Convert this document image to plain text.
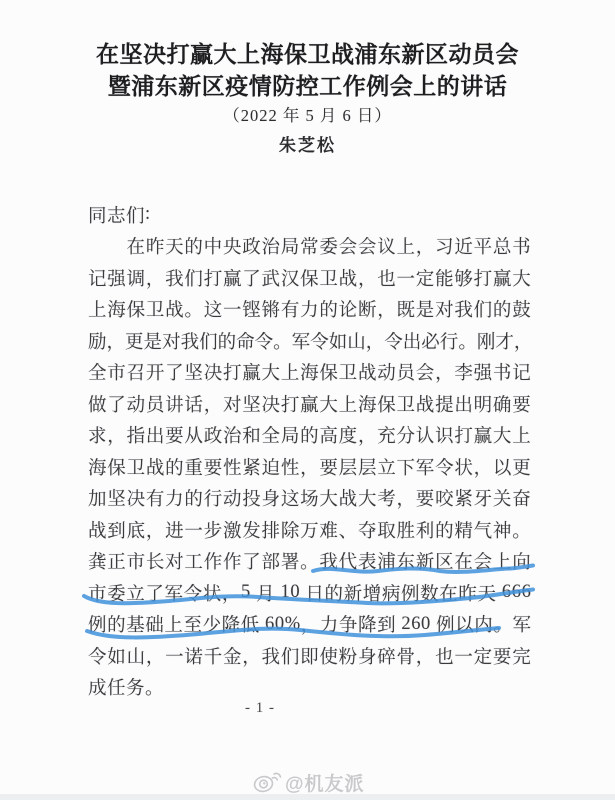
在坚决打赢大上海保卫战浦东新区动员会
暨浦东新区疫情防控工作例会上的讲话
（2022 年 5 月 6 日）
朱芝松
同 志 们 :
在 昨 天 的 中 央 政 治 局 常 委 会 会 议 上 ， 习 近 平 总 书
记 强 调 ， 我 们 打 赢 了 武 汉 保 卫 战 ， 也 一 定 能 够 打 赢 大
上 海 保 卫 战 。 这 一 铿 锵 有 力 的 论 断 ， 既 是 对 我 们 的 鼓
励 ， 更 是 对 我 们 的 命 令 。 军 令 如 山 ， 令 出 必 行 。 刚 才 ，
全 市 召 开 了 坚 决 打 赢 大 上 海 保 卫 战 动 员 会 ， 李 强 书 记
做 了 动 员 讲 话 ， 对 坚 决 打 赢 大 上 海 保 卫 战 提 出 明 确 要
求 ， 指 出 要 从 政 治 和 全 局 的 高 度 ， 充 分 认 识 打 赢 大 上
海 保 卫 战 的 重 要 性 紧 迫 性 ， 要 层 层 立 下 军 令 状 ， 以 更
加 坚 决 有 力 的 行 动 投 身 这 场 大 战 大 考 ， 要 咬 紧 牙 关 奋
战 到 底 ， 进 一 步 激 发 排 除 万 难 、 夺 取 胜 利 的 精 气 神 。
龚 正 市 长 对 工 作 作 了 部 署 。 我 代 表 浦 东 新 区 在 会 上 向
市 委 立 了 军 令 状 ， 5
月
1 0
日 的 新 增 病 例 数 在 昨 天
6 6 6
例 的 基 础 上 至 少 降 低
6 0 % ， 力 争 降 到
2 6 0
例 以 内 。 军
令 如 山 ， 一 诺 千 金 ， 我 们 即 使 粉 身 碎 骨 ， 也 一 定 要 完
成 任 务 。
- 1 -
@机友派
